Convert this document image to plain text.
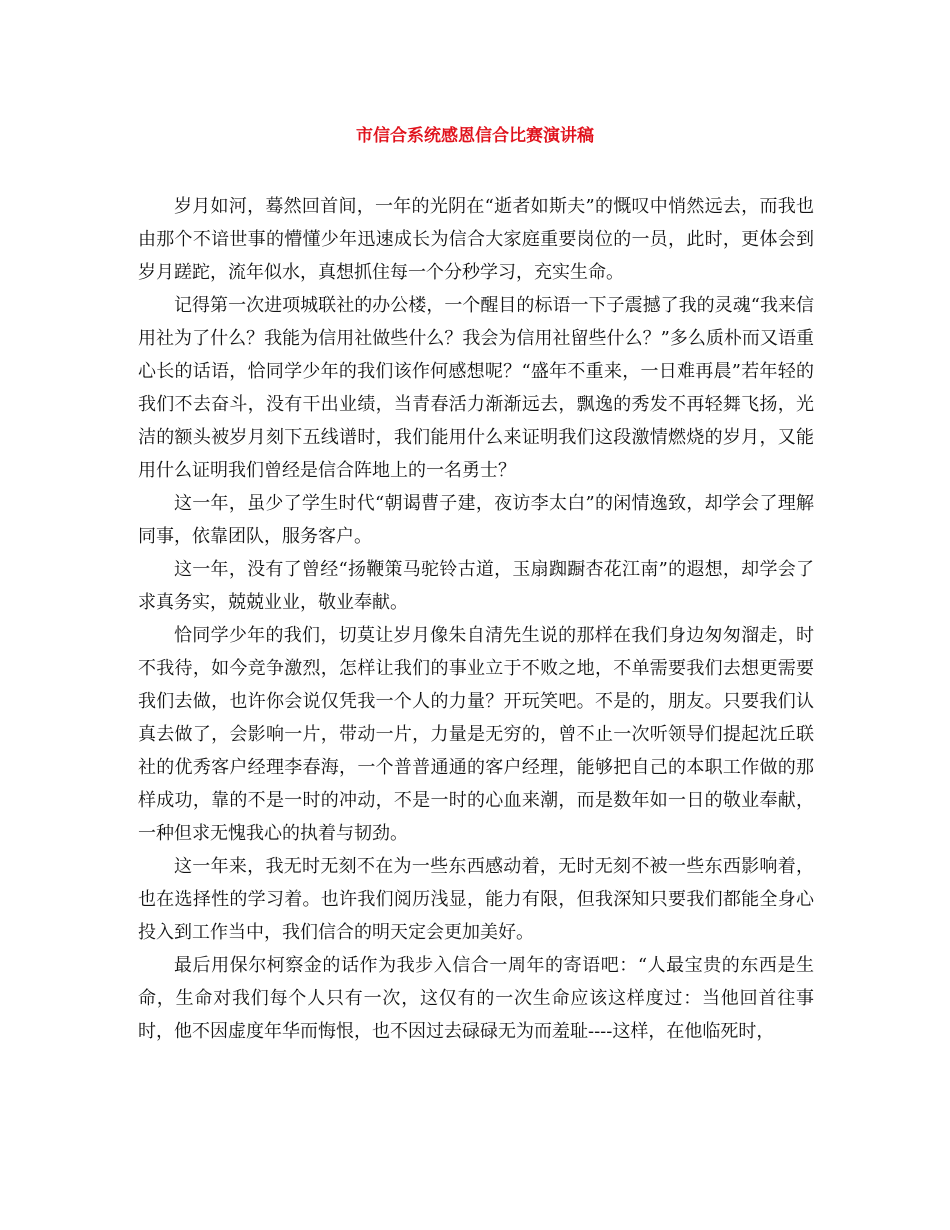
市信合系统感恩信合比赛演讲稿

岁月如河，蓦然回首间，一年的光阴在“逝者如斯夫”的慨叹中悄然远去，而我也由那个不谙世事的懵懂少年迅速成长为信合大家庭重要岗位的一员，此时，更体会到岁月蹉跎，流年似水，真想抓住每一个分秒学习，充实生命。

记得第一次进项城联社的办公楼，一个醒目的标语一下子震撼了我的灵魂“我来信用社为了什么？我能为信用社做些什么？我会为信用社留些什么？”多么质朴而又语重心长的话语，恰同学少年的我们该作何感想呢？“盛年不重来，一日难再晨”若年轻的我们不去奋斗，没有干出业绩，当青春活力渐渐远去，飘逸的秀发不再轻舞飞扬，光洁的额头被岁月刻下五线谱时，我们能用什么来证明我们这段激情燃烧的岁月，又能用什么证明我们曾经是信合阵地上的一名勇士？

这一年，虽少了学生时代“朝谒曹子建，夜访李太白”的闲情逸致，却学会了理解同事，依靠团队，服务客户。

这一年，没有了曾经“扬鞭策马驼铃古道，玉扇踟蹰杏花江南”的遐想，却学会了求真务实，兢兢业业，敬业奉献。

恰同学少年的我们，切莫让岁月像朱自清先生说的那样在我们身边匆匆溜走，时不我待，如今竞争激烈，怎样让我们的事业立于不败之地，不单需要我们去想更需要我们去做，也许你会说仅凭我一个人的力量？开玩笑吧。不是的，朋友。只要我们认真去做了，会影响一片，带动一片，力量是无穷的，曾不止一次听领导们提起沈丘联社的优秀客户经理李春海，一个普普通通的客户经理，能够把自己的本职工作做的那样成功，靠的不是一时的冲动，不是一时的心血来潮，而是数年如一日的敬业奉献，一种但求无愧我心的执着与韧劲。

这一年来，我无时无刻不在为一些东西感动着，无时无刻不被一些东西影响着，也在选择性的学习着。也许我们阅历浅显，能力有限，但我深知只要我们都能全身心投入到工作当中，我们信合的明天定会更加美好。

最后用保尔柯察金的话作为我步入信合一周年的寄语吧：“人最宝贵的东西是生命，生命对我们每个人只有一次，这仅有的一次生命应该这样度过：当他回首往事时，他不因虚度年华而悔恨，也不因过去碌碌无为而羞耻----这样，在他临死时，
